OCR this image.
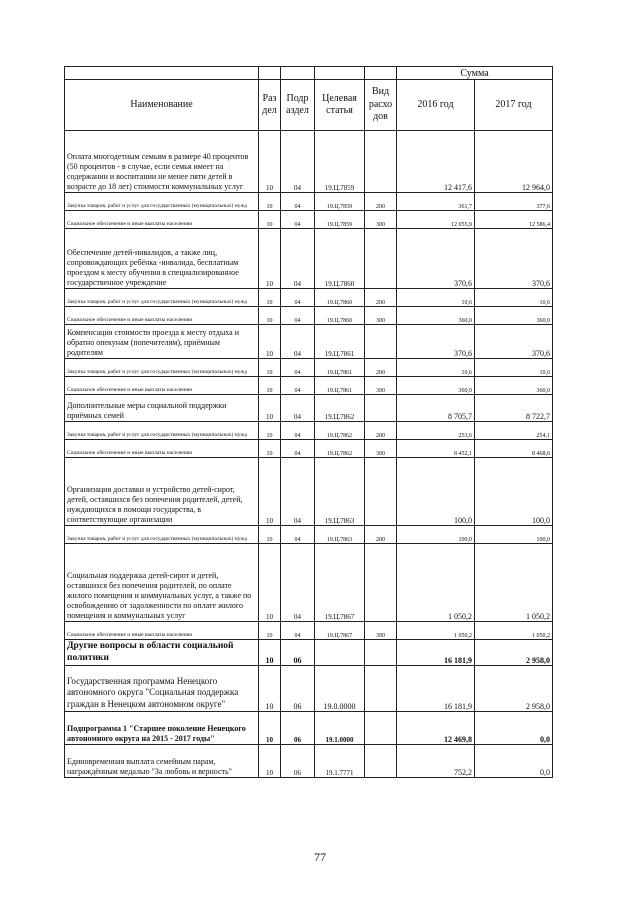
					Сумма	
Наименование	Раз дел	Подр аздел	Целевая статья	Вид расхо дов	2016 год	2017 год
Оплата многодетным семьям в размере 40 процентов (50 процентов - в случае, если семья имеет на содержании и воспитании не менее пяти детей в возрасте до 18 лет) стоимости коммунальных услуг	10	04	19.Ц.7859		12 417,6	12 964,0
Закупка товаров, работ и услуг для государственных (муниципальных) нужд	10	04	19.Ц.7859	200	361,7	377,6
Социальное обеспечение и иные выплаты населению	10	04	19.Ц.7859	300	12 055,9	12 586,4
Обеспечение детей-инвалидов, а также лиц, сопровождающих ребёнка -инвалида, бесплатным проездом к месту обучения в специализированное государственное учреждение	10	04	19.Ц.7860		370,6	370,6
Закупка товаров, работ и услуг для государственных (муниципальных) нужд	10	04	19.Ц.7860	200	10,6	10,6
Социальное обеспечение и иные выплаты населению	10	04	19.Ц.7860	300	360,0	360,0
Компенсация стоимости проезда к месту отдыха и обратно опекунам (попечителям), приёмным родителям	10	04	19.Ц.7861		370,6	370,6
Закупка товаров, работ и услуг для государственных (муниципальных) нужд	10	04	19.Ц.7861	200	10,6	10,6
Социальное обеспечение и иные выплаты населению	10	04	19.Ц.7861	300	360,0	360,0
Дополнительные меры социальной поддержки приёмных семей	10	04	19.Ц.7862		8 705,7	8 722,7
Закупка товаров, работ и услуг для государственных (муниципальных) нужд	10	04	19.Ц.7862	200	253,6	254,1
Социальное обеспечение и иные выплаты населению	10	04	19.Ц.7862	300	8 452,1	8 468,6
Организация доставки и устройство детей-сирот, детей, оставшихся без попечения родителей, детей, нуждающихся в помощи государства, в соответствующие организации	10	04	19.Ц.7863		100,0	100,0
Закупка товаров, работ и услуг для государственных (муниципальных) нужд	10	04	19.Ц.7863	200	100,0	100,0
Социальная поддержка детей-сирот и детей, оставшихся без попечения родителей, по оплате жилого помещения и коммунальных услуг, а также по освобождению от задолженности по оплате жилого помещения и коммунальных услуг	10	04	19.Ц.7867		1 050,2	1 050,2
Социальное обеспечение и иные выплаты населению	10	04	19.Ц.7867	300	1 050,2	1 050,2
Другие вопросы в области социальной политики	10	06			16 181,9	2 958,0
Государственная программа Ненецкого автономного округа "Социальная поддержка граждан в Ненецком автономном округе"	10	06	19.0.0000		16 181,9	2 958,0
Подпрограмма 1 "Старшее поколение Ненецкого автономного округа на 2015 - 2017 годы"	10	06	19.1.0000		12 469,8	0,0
Единовременная выплата семейным парам, награждённым медалью "За любовь и верность"	10	06	19.1.7771		752,2	0,0
77
